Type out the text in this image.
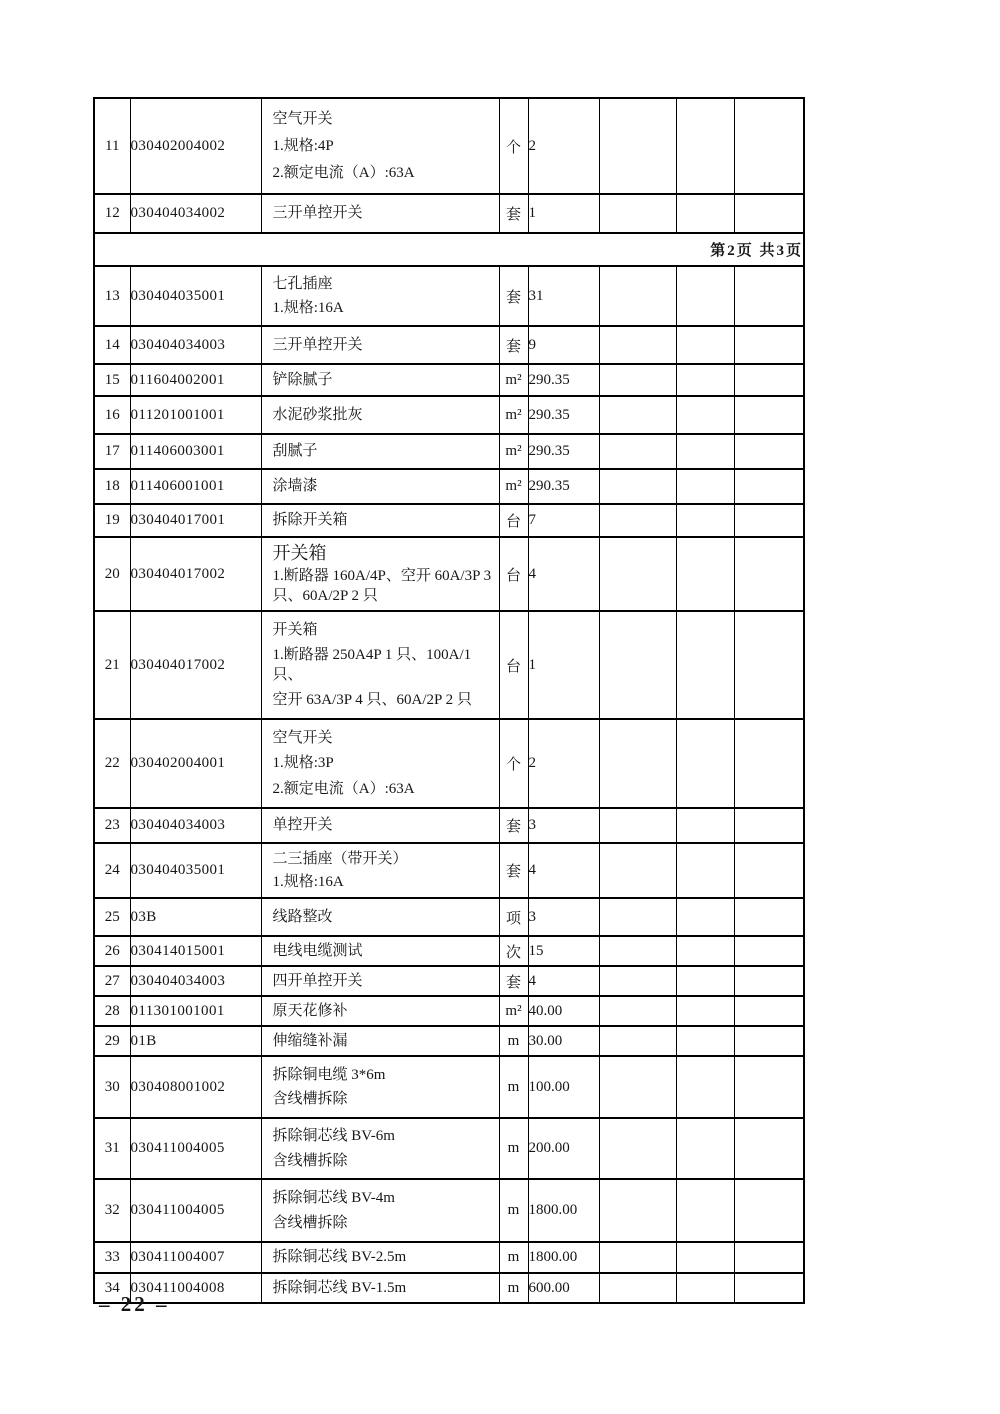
11	030402004002	空气开关
1.规格:4P
2.额定电流（A）:63A	个	2			
12	030404034002	三开单控开关	套	1			
第2页 共3页							
13	030404035001	七孔插座
1.规格:16A	套	31			
14	030404034003	三开单控开关	套	9			
15	011604002001	铲除腻子	m²	290.35			
16	011201001001	水泥砂浆批灰	m²	290.35			
17	011406003001	刮腻子	m²	290.35			
18	011406001001	涂墙漆	m²	290.35			
19	030404017001	拆除开关箱	台	7			
20	030404017002	开关箱
1.断路器 160A/4P、空开 60A/3P 3 只、60A/2P 2 只	台	4			
21	030404017002	开关箱
1.断路器 250A4P 1 只、100A/1 只、
空开 63A/3P 4 只、60A/2P 2 只	台	1			
22	030402004001	空气开关
1.规格:3P
2.额定电流（A）:63A	个	2			
23	030404034003	单控开关	套	3			
24	030404035001	二三插座（带开关）
1.规格:16A	套	4			
25	03B	线路整改	项	3			
26	030414015001	电线电缆测试	次	15			
27	030404034003	四开单控开关	套	4			
28	011301001001	原天花修补	m²	40.00			
29	01B	伸缩缝补漏	m	30.00			
30	030408001002	拆除铜电缆 3*6m
含线槽拆除	m	100.00			
31	030411004005	拆除铜芯线 BV-6m
含线槽拆除	m	200.00			
32	030411004005	拆除铜芯线 BV-4m
含线槽拆除	m	1800.00			
33	030411004007	拆除铜芯线 BV-2.5m	m	1800.00			
34	030411004008	拆除铜芯线 BV-1.5m	m	600.00			
– 22 –
